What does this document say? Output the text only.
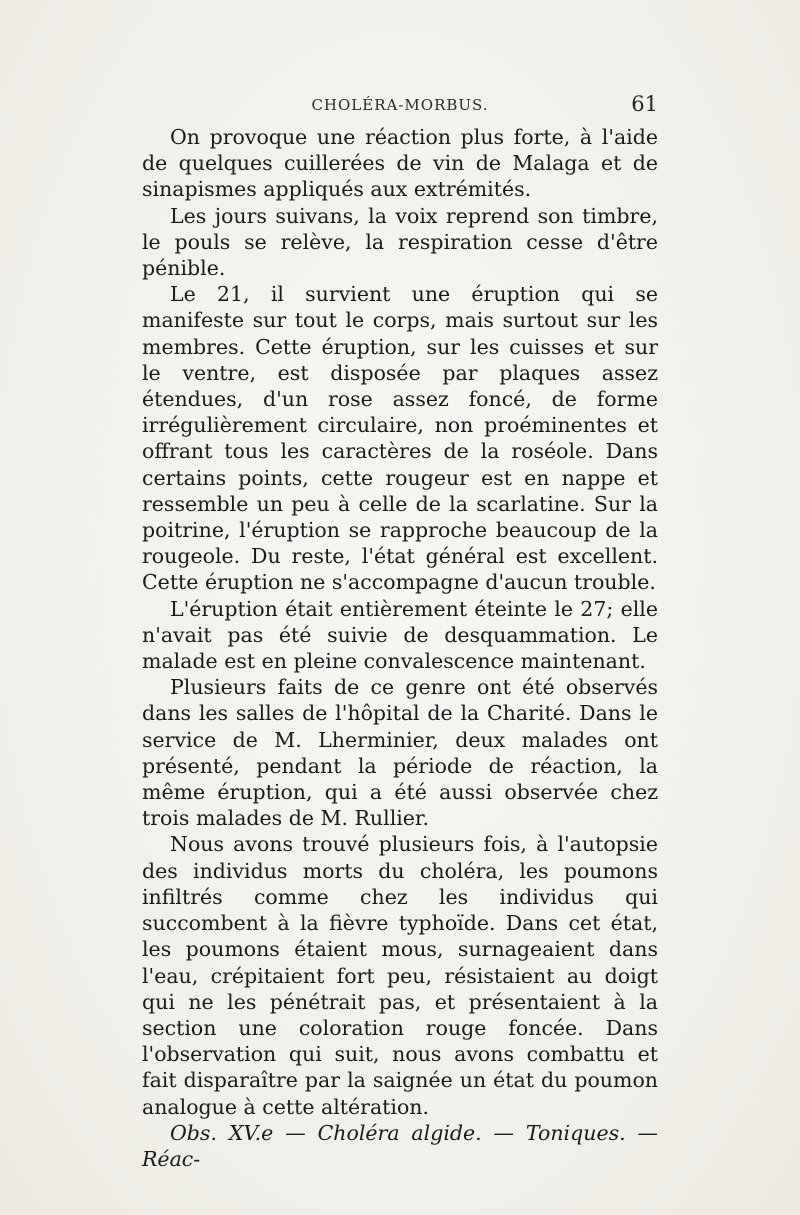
CHOLÉRA-MORBUS.	61

On provoque une réaction plus forte, à l'aide de quelques cuillerées de vin de Malaga et de sinapismes appliqués aux extrémités.

Les jours suivans, la voix reprend son timbre, le pouls se relève, la respiration cesse d'être pénible.

Le 21, il survient une éruption qui se manifeste sur tout le corps, mais surtout sur les membres. Cette éruption, sur les cuisses et sur le ventre, est disposée par plaques assez étendues, d'un rose assez foncé, de forme irrégulièrement circulaire, non proéminentes et offrant tous les caractères de la roséole. Dans certains points, cette rougeur est en nappe et ressemble un peu à celle de la scarlatine. Sur la poitrine, l'éruption se rapproche beaucoup de la rougeole. Du reste, l'état général est excellent. Cette éruption ne s'accompagne d'aucun trouble.

L'éruption était entièrement éteinte le 27; elle n'avait pas été suivie de desquammation. Le malade est en pleine convalescence maintenant.

Plusieurs faits de ce genre ont été observés dans les salles de l'hôpital de la Charité. Dans le service de M. Lherminier, deux malades ont présenté, pendant la période de réaction, la même éruption, qui a été aussi observée chez trois malades de M. Rullier.

Nous avons trouvé plusieurs fois, à l'autopsie des individus morts du choléra, les poumons infiltrés comme chez les individus qui succombent à la fièvre typhoïde. Dans cet état, les poumons étaient mous, surnageaient dans l'eau, crépitaient fort peu, résistaient au doigt qui ne les pénétrait pas, et présentaient à la section une coloration rouge foncée. Dans l'observation qui suit, nous avons combattu et fait disparaître par la saignée un état du poumon analogue à cette altération.

Obs. XV.e — Choléra algide. — Toniques. — Réac-
